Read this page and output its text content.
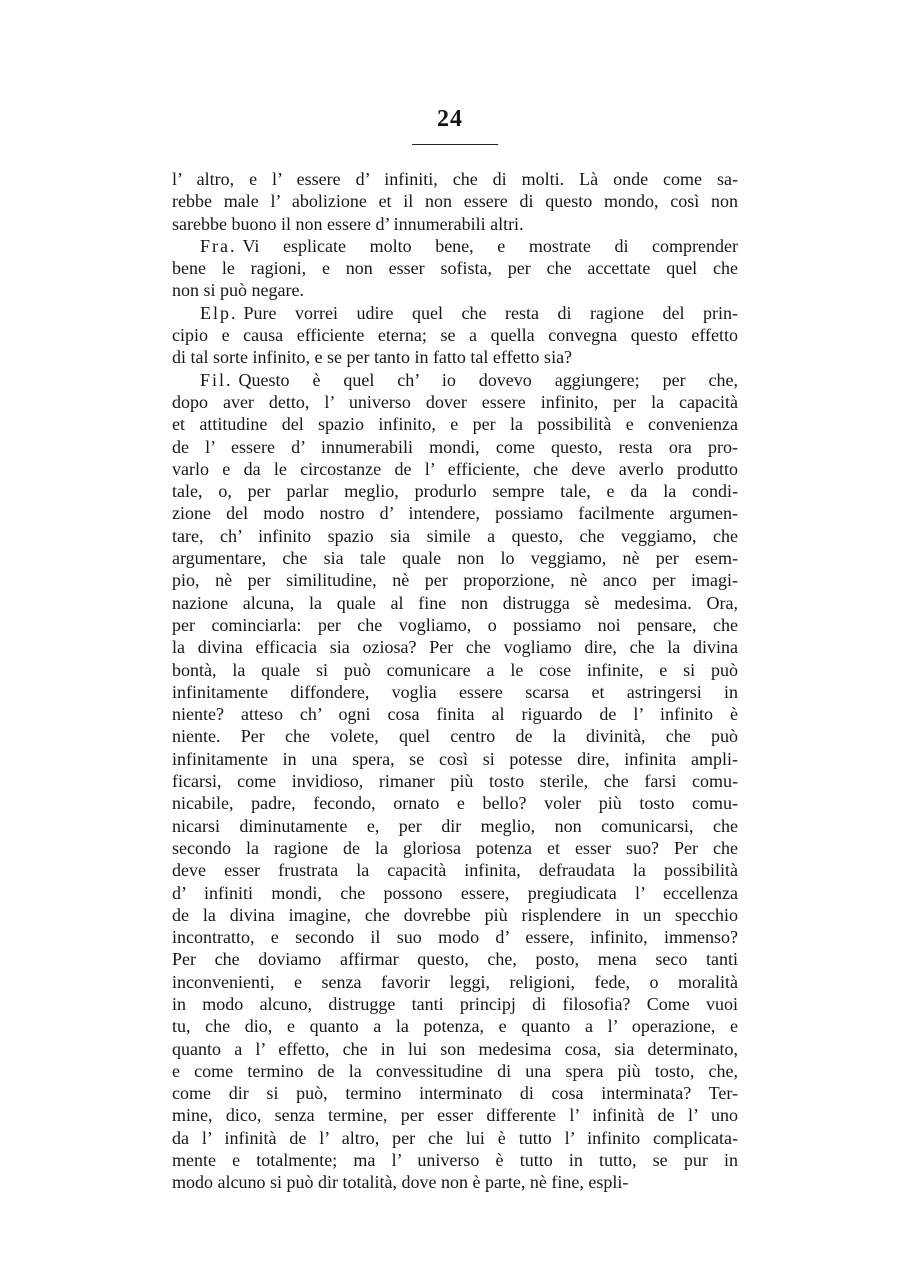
24
l’ altro, e l’ essere d’ infiniti, che di molti. Là onde come sa-
rebbe male l’ abolizione et il non essere di questo mondo, così non
sarebbe buono il non essere d’ innumerabili altri.
Fra. Vi esplicate molto bene, e mostrate di comprender
bene le ragioni, e non esser sofista, per che accettate quel che
non si può negare.
Elp. Pure vorrei udire quel che resta di ragione del prin-
cipio e causa efficiente eterna; se a quella convegna questo effetto
di tal sorte infinito, e se per tanto in fatto tal effetto sia?
Fil. Questo è quel ch’ io dovevo aggiungere; per che,
dopo aver detto, l’ universo dover essere infinito, per la capacità
et attitudine del spazio infinito, e per la possibilità e convenienza
de l’ essere d’ innumerabili mondi, come questo, resta ora pro-
varlo e da le circostanze de l’ efficiente, che deve averlo produtto
tale, o, per parlar meglio, produrlo sempre tale, e da la condi-
zione del modo nostro d’ intendere, possiamo facilmente argumen-
tare, ch’ infinito spazio sia simile a questo, che veggiamo, che
argumentare, che sia tale quale non lo veggiamo, nè per esem-
pio, nè per similitudine, nè per proporzione, nè anco per imagi-
nazione alcuna, la quale al fine non distrugga sè medesima. Ora,
per cominciarla: per che vogliamo, o possiamo noi pensare, che
la divina efficacia sia oziosa? Per che vogliamo dire, che la divina
bontà, la quale si può comunicare a le cose infinite, e si può
infinitamente diffondere, voglia essere scarsa et astringersi in
niente? atteso ch’ ogni cosa finita al riguardo de l’ infinito è
niente. Per che volete, quel centro de la divinità, che può
infinitamente in una spera, se così si potesse dire, infinita ampli-
ficarsi, come invidioso, rimaner più tosto sterile, che farsi comu-
nicabile, padre, fecondo, ornato e bello? voler più tosto comu-
nicarsi diminutamente e, per dir meglio, non comunicarsi, che
secondo la ragione de la gloriosa potenza et esser suo? Per che
deve esser frustrata la capacità infinita, defraudata la possibilità
d’ infiniti mondi, che possono essere, pregiudicata l’ eccellenza
de la divina imagine, che dovrebbe più risplendere in un specchio
incontratto, e secondo il suo modo d’ essere, infinito, immenso?
Per che doviamo affirmar questo, che, posto, mena seco tanti
inconvenienti, e senza favorir leggi, religioni, fede, o moralità
in modo alcuno, distrugge tanti principj di filosofia? Come vuoi
tu, che dio, e quanto a la potenza, e quanto a l’ operazione, e
quanto a l’ effetto, che in lui son medesima cosa, sia determinato,
e come termino de la convessitudine di una spera più tosto, che,
come dir si può, termino interminato di cosa interminata? Ter-
mine, dico, senza termine, per esser differente l’ infinità de l’ uno
da l’ infinità de l’ altro, per che lui è tutto l’ infinito complicata-
mente e totalmente; ma l’ universo è tutto in tutto, se pur in
modo alcuno si può dir totalità, dove non è parte, nè fine, espli-
